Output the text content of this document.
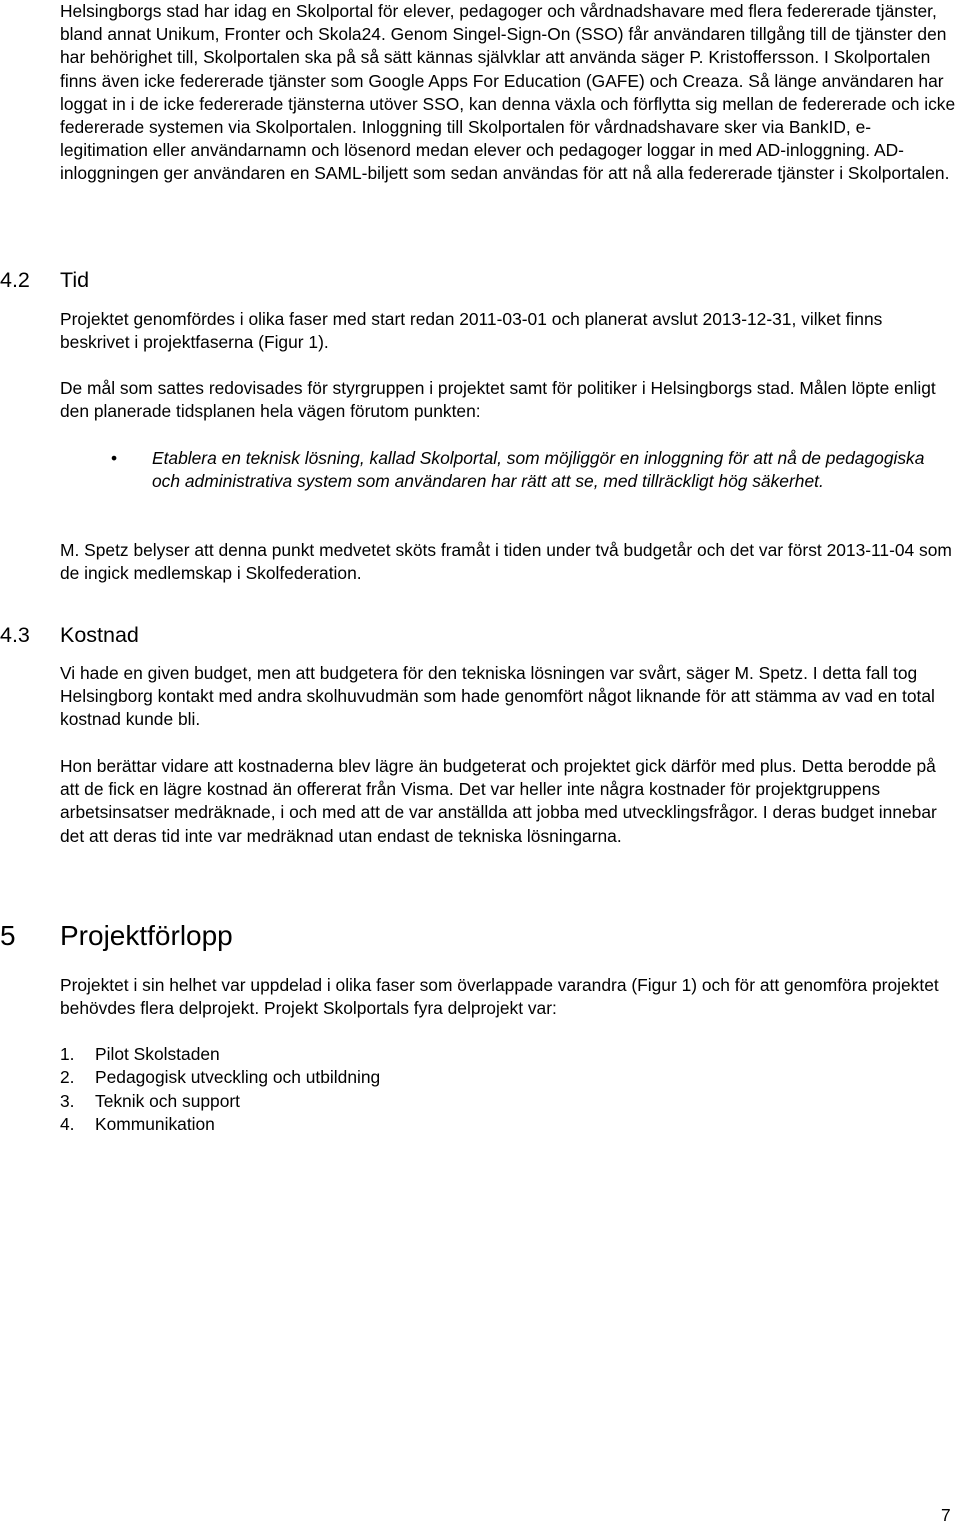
Helsingborgs stad har idag en Skolportal för elever, pedagoger och vårdnadshavare med flera federerade tjänster, bland annat Unikum, Fronter och Skola24. Genom Singel-Sign-On (SSO) får användaren tillgång till de tjänster den har behörighet till, Skolportalen ska på så sätt kännas självklar att använda säger P. Kristoffersson. I Skolportalen finns även icke federerade tjänster som Google Apps For Education (GAFE) och Creaza. Så länge användaren har loggat in i de icke federerade tjänsterna utöver SSO, kan denna växla och förflytta sig mellan de federerade och icke federerade systemen via Skolportalen. Inloggning till Skolportalen för vårdnadshavare sker via BankID, e-legitimation eller användarnamn och lösenord medan elever och pedagoger loggar in med AD-inloggning. AD-inloggningen ger användaren en SAML-biljett som sedan användas för att nå alla federerade tjänster i Skolportalen.

4.2 Tid

Projektet genomfördes i olika faser med start redan 2011-03-01 och planerat avslut 2013-12-31, vilket finns beskrivet i projektfaserna (Figur 1).

De mål som sattes redovisades för styrgruppen i projektet samt för politiker i Helsingborgs stad. Målen löpte enligt den planerade tidsplanen hela vägen förutom punkten:

• Etablera en teknisk lösning, kallad Skolportal, som möjliggör en inloggning för att nå de pedagogiska och administrativa system som användaren har rätt att se, med tillräckligt hög säkerhet.

M. Spetz belyser att denna punkt medvetet sköts framåt i tiden under två budgetår och det var först 2013-11-04 som de ingick medlemskap i Skolfederation.

4.3 Kostnad

Vi hade en given budget, men att budgetera för den tekniska lösningen var svårt, säger M. Spetz. I detta fall tog Helsingborg kontakt med andra skolhuvudmän som hade genomfört något liknande för att stämma av vad en total kostnad kunde bli.

Hon berättar vidare att kostnaderna blev lägre än budgeterat och projektet gick därför med plus. Detta berodde på att de fick en lägre kostnad än offererat från Visma. Det var heller inte några kostnader för projektgruppens arbetsinsatser medräknade, i och med att de var anställda att jobba med utvecklingsfrågor. I deras budget innebar det att deras tid inte var medräknad utan endast de tekniska lösningarna.

5 Projektförlopp

Projektet i sin helhet var uppdelad i olika faser som överlappade varandra (Figur 1) och för att genomföra projektet behövdes flera delprojekt. Projekt Skolportals fyra delprojekt var:

1. Pilot Skolstaden
2. Pedagogisk utveckling och utbildning
3. Teknik och support
4. Kommunikation
7
